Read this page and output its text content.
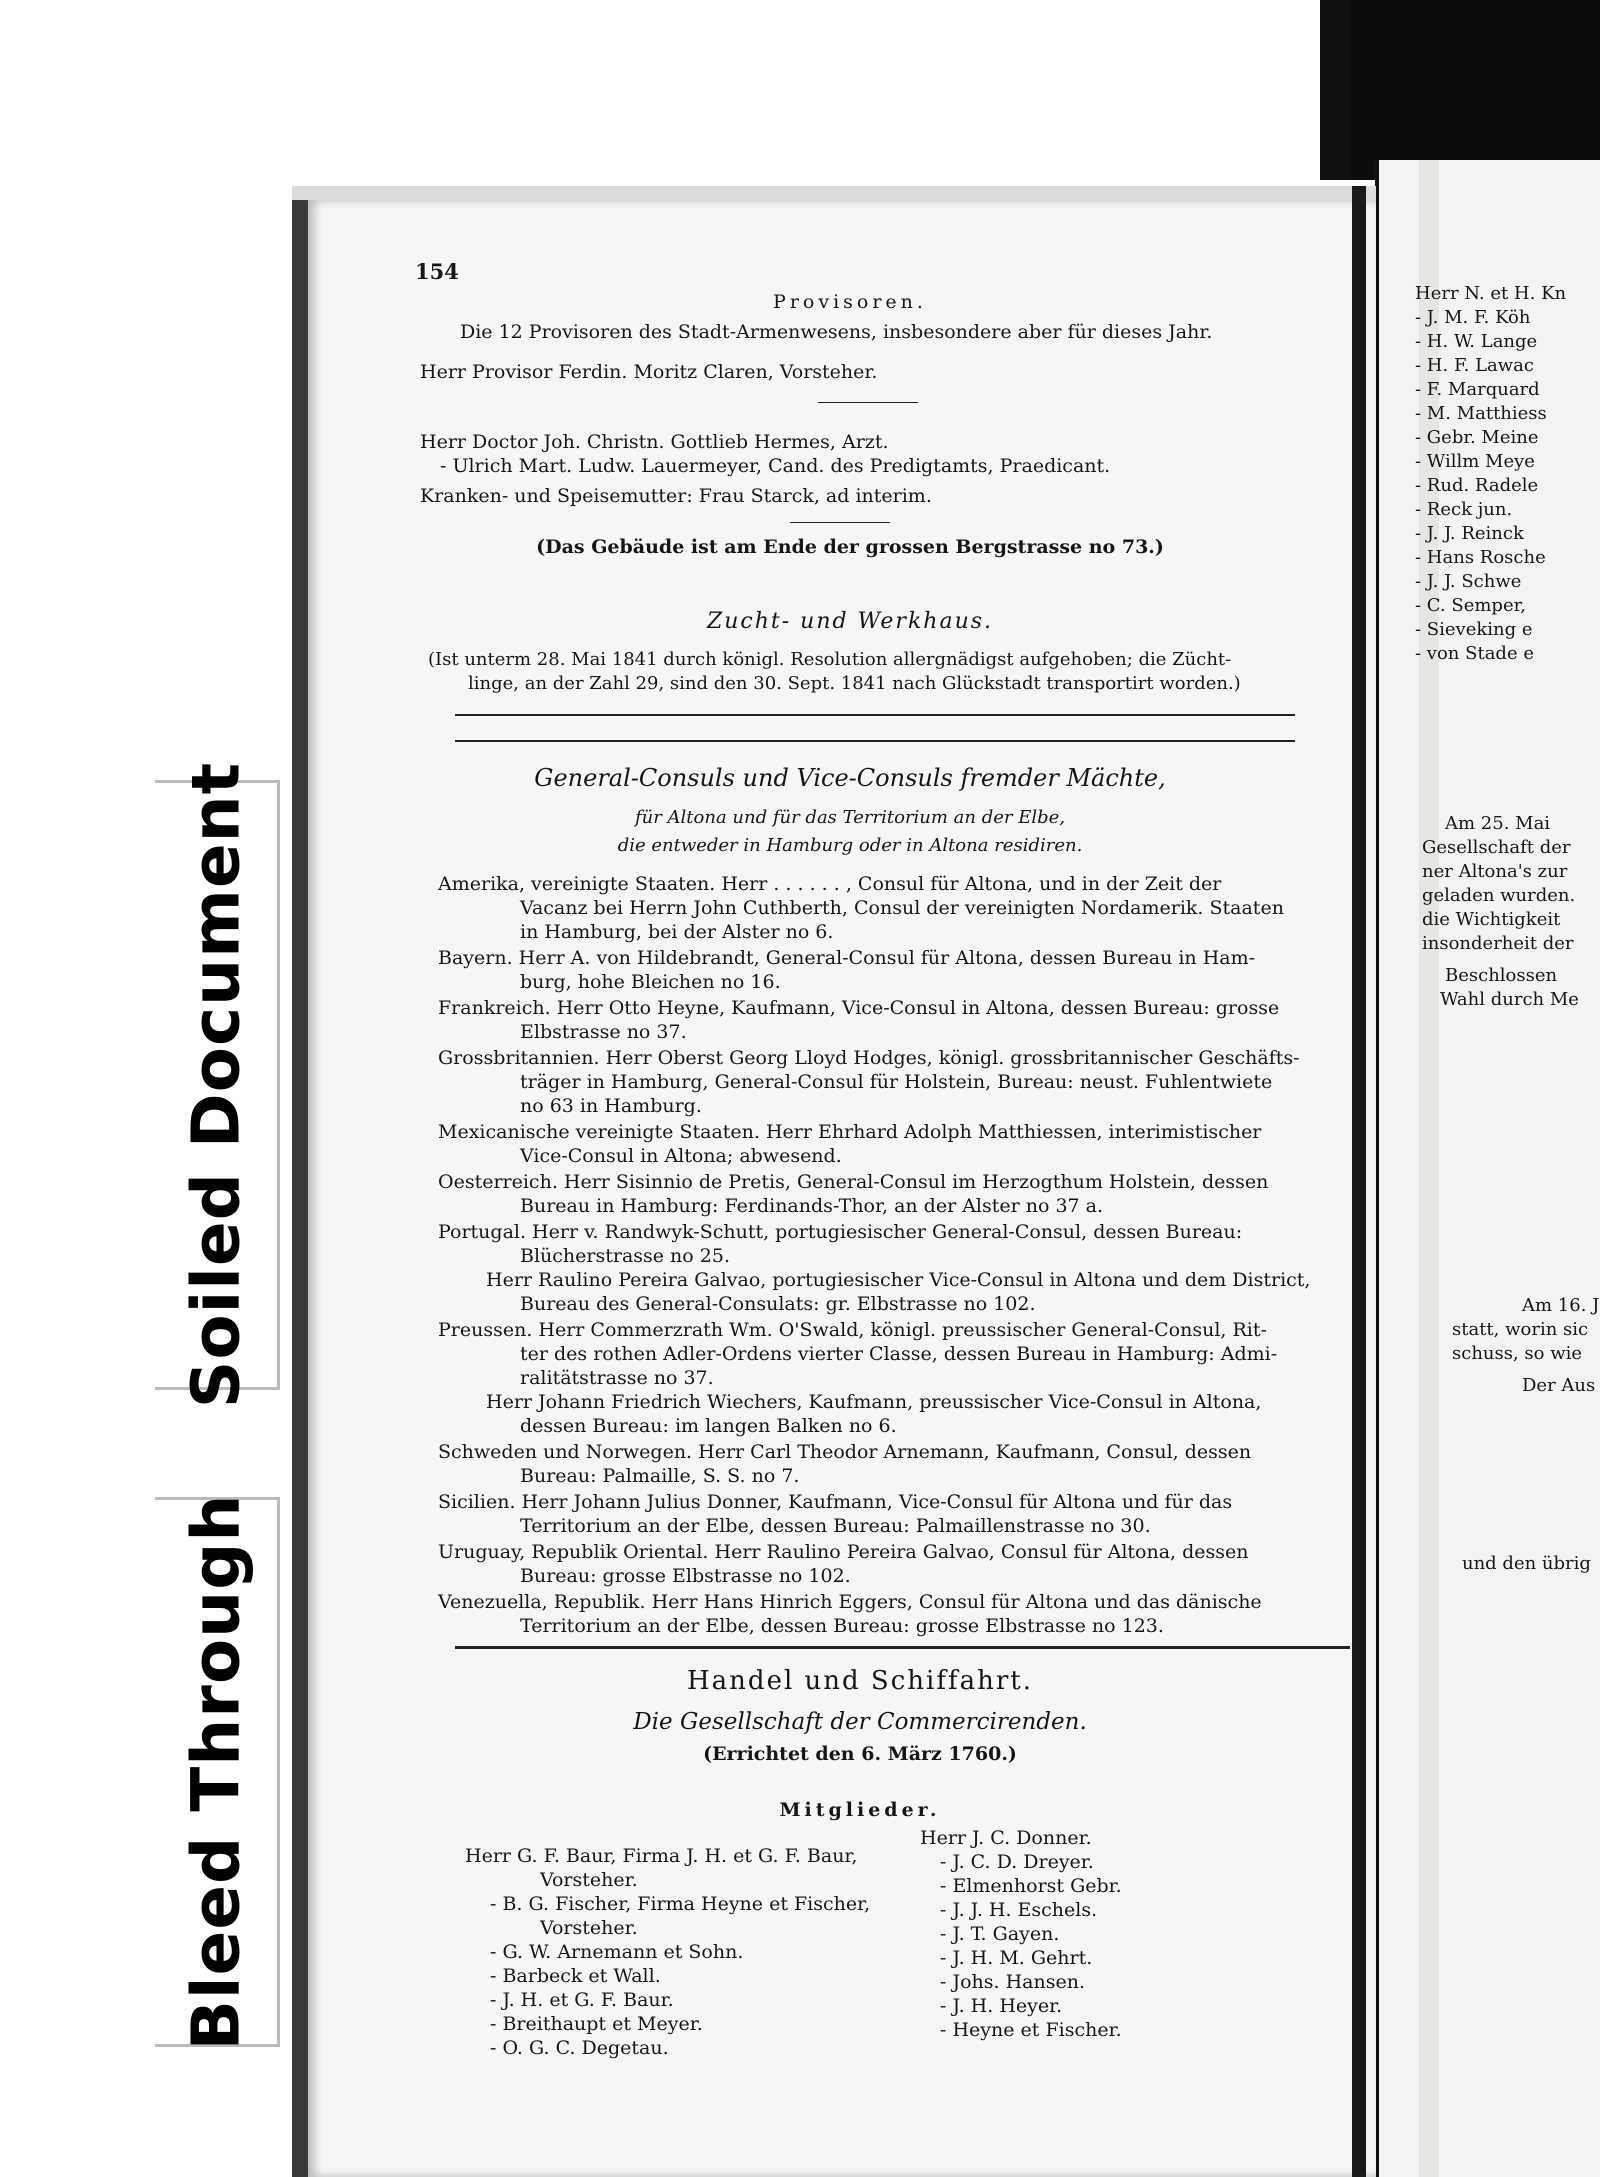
Soiled Document
Bleed Through
154
Provisoren.
Die 12 Provisoren des Stadt-Armenwesens, insbesondere aber für dieses Jahr.
Herr Provisor Ferdin. Moritz Claren, Vorsteher.
Herr Doctor Joh. Christn. Gottlieb Hermes, Arzt.
- Ulrich Mart. Ludw. Lauermeyer, Cand. des Predigtamts, Praedicant.
Kranken- und Speisemutter: Frau Starck, ad interim.
(Das Gebäude ist am Ende der grossen Bergstrasse no 73.)
Zucht- und Werkhaus.
(Ist unterm 28. Mai 1841 durch königl. Resolution allergnädigst aufgehoben; die Zücht-
linge, an der Zahl 29, sind den 30. Sept. 1841 nach Glückstadt transportirt worden.)
General-Consuls und Vice-Consuls fremder Mächte,
für Altona und für das Territorium an der Elbe,
die entweder in Hamburg oder in Altona residiren.
Amerika, vereinigte Staaten. Herr . . . . . . , Consul für Altona, und in der Zeit der
Vacanz bei Herrn John Cuthberth, Consul der vereinigten Nordamerik. Staaten
in Hamburg, bei der Alster no 6.
Bayern. Herr A. von Hildebrandt, General-Consul für Altona, dessen Bureau in Ham-
burg, hohe Bleichen no 16.
Frankreich. Herr Otto Heyne, Kaufmann, Vice-Consul in Altona, dessen Bureau: grosse
Elbstrasse no 37.
Grossbritannien. Herr Oberst Georg Lloyd Hodges, königl. grossbritannischer Geschäfts-
träger in Hamburg, General-Consul für Holstein, Bureau: neust. Fuhlentwiete
no 63 in Hamburg.
Mexicanische vereinigte Staaten. Herr Ehrhard Adolph Matthiessen, interimistischer
Vice-Consul in Altona; abwesend.
Oesterreich. Herr Sisinnio de Pretis, General-Consul im Herzogthum Holstein, dessen
Bureau in Hamburg: Ferdinands-Thor, an der Alster no 37 a.
Portugal. Herr v. Randwyk-Schutt, portugiesischer General-Consul, dessen Bureau:
Blücherstrasse no 25.
Herr Raulino Pereira Galvao, portugiesischer Vice-Consul in Altona und dem District,
Bureau des General-Consulats: gr. Elbstrasse no 102.
Preussen. Herr Commerzrath Wm. O'Swald, königl. preussischer General-Consul, Rit-
ter des rothen Adler-Ordens vierter Classe, dessen Bureau in Hamburg: Admi-
ralitätstrasse no 37.
Herr Johann Friedrich Wiechers, Kaufmann, preussischer Vice-Consul in Altona,
dessen Bureau: im langen Balken no 6.
Schweden und Norwegen. Herr Carl Theodor Arnemann, Kaufmann, Consul, dessen
Bureau: Palmaille, S. S. no 7.
Sicilien. Herr Johann Julius Donner, Kaufmann, Vice-Consul für Altona und für das
Territorium an der Elbe, dessen Bureau: Palmaillenstrasse no 30.
Uruguay, Republik Oriental. Herr Raulino Pereira Galvao, Consul für Altona, dessen
Bureau: grosse Elbstrasse no 102.
Venezuella, Republik. Herr Hans Hinrich Eggers, Consul für Altona und das dänische
Territorium an der Elbe, dessen Bureau: grosse Elbstrasse no 123.
Handel und Schiffahrt.
Die Gesellschaft der Commercirenden.
(Errichtet den 6. März 1760.)
Mitglieder.
Herr G. F. Baur, Firma J. H. et G. F. Baur,
Vorsteher.
- B. G. Fischer, Firma Heyne et Fischer,
Vorsteher.
- G. W. Arnemann et Sohn.
- Barbeck et Wall.
- J. H. et G. F. Baur.
- Breithaupt et Meyer.
- O. G. C. Degetau.
Herr J. C. Donner.
- J. C. D. Dreyer.
- Elmenhorst Gebr.
- J. J. H. Eschels.
- J. T. Gayen.
- J. H. M. Gehrt.
- Johs. Hansen.
- J. H. Heyer.
- Heyne et Fischer.
Herr N. et H. Kn
- J. M. F. Köh
- H. W. Lange
- H. F. Lawac
- F. Marquard
- M. Matthiess
- Gebr. Meine
- Willm Meye
- Rud. Radele
- Reck jun.
- J. J. Reinck
- Hans Rosche
- J. J. Schwe
- C. Semper,
- Sieveking e
- von Stade e
Am 25. Mai
Gesellschaft der
ner Altona's zur
geladen wurden.
die Wichtigkeit
insonderheit der
Beschlossen
Wahl durch Me
Am 16. J
statt, worin sic
schuss, so wie
Der Aus
und den übrig
